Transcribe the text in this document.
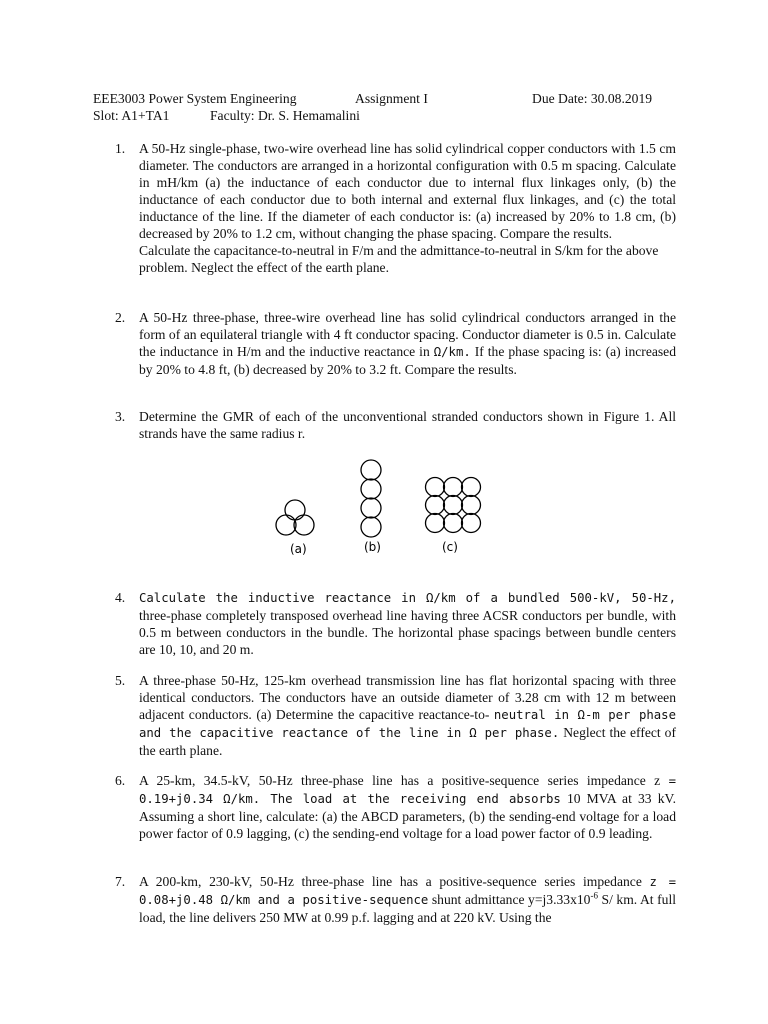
EEE3003 Power System Engineering	Assignment I	Due Date: 30.08.2019
Slot: A1+TA1	Faculty: Dr. S. Hemamalini
1.	A 50-Hz single-phase, two-wire overhead line has solid cylindrical copper conductors with 1.5 cm diameter. The conductors are arranged in a horizontal configuration with 0.5 m spacing. Calculate in mH/km (a) the inductance of each conductor due to internal flux linkages only, (b) the inductance of each conductor due to both internal and external flux linkages, and (c) the total inductance of the line. If the diameter of each conductor is: (a) increased by 20% to 1.8 cm, (b) decreased by 20% to 1.2 cm, without changing the phase spacing. Compare the results.

Calculate the capacitance-to-neutral in F/m and the admittance-to-neutral in S/km for the above problem. Neglect the effect of the earth plane.

2.	A 50-Hz three-phase, three-wire overhead line has solid cylindrical conductors arranged in the form of an equilateral triangle with 4 ft conductor spacing. Conductor diameter is 0.5 in. Calculate the inductance in H/m and the inductive reactance in Ω/km. If the phase spacing is: (a) increased by 20% to 4.8 ft, (b) decreased by 20% to 3.2 ft. Compare the results.

3.	Determine the GMR of each of the unconventional stranded conductors shown in Figure 1. All strands have the same radius r.

(a)	(b)	(c)
4.	Calculate the inductive reactance in Ω/km of a bundled 500-kV, 50-Hz, three-phase completely transposed overhead line having three ACSR conductors per bundle, with 0.5 m between conductors in the bundle. The horizontal phase spacings between bundle centers are 10, 10, and 20 m.

5.	A three-phase 50-Hz, 125-km overhead transmission line has flat horizontal spacing with three identical conductors. The conductors have an outside diameter of 3.28 cm with 12 m between adjacent conductors. (a) Determine the capacitive reactance-to- neutral in Ω-m per phase and the capacitive reactance of the line in Ω per phase. Neglect the effect of the earth plane.

6.	A 25-km, 34.5-kV, 50-Hz three-phase line has a positive-sequence series impedance z = 0.19+j0.34 Ω/km. The load at the receiving end absorbs 10 MVA at 33 kV. Assuming a short line, calculate: (a) the ABCD parameters, (b) the sending-end voltage for a load power factor of 0.9 lagging, (c) the sending-end voltage for a load power factor of 0.9 leading.

7.	A 200-km, 230-kV, 50-Hz three-phase line has a positive-sequence series impedance z = 0.08+j0.48 Ω/km and a positive-sequence shunt admittance $y=j3.33x10^{-6}$ S/ km. At full load, the line delivers 250 MW at 0.99 p.f. lagging and at 220 kV. Using the
